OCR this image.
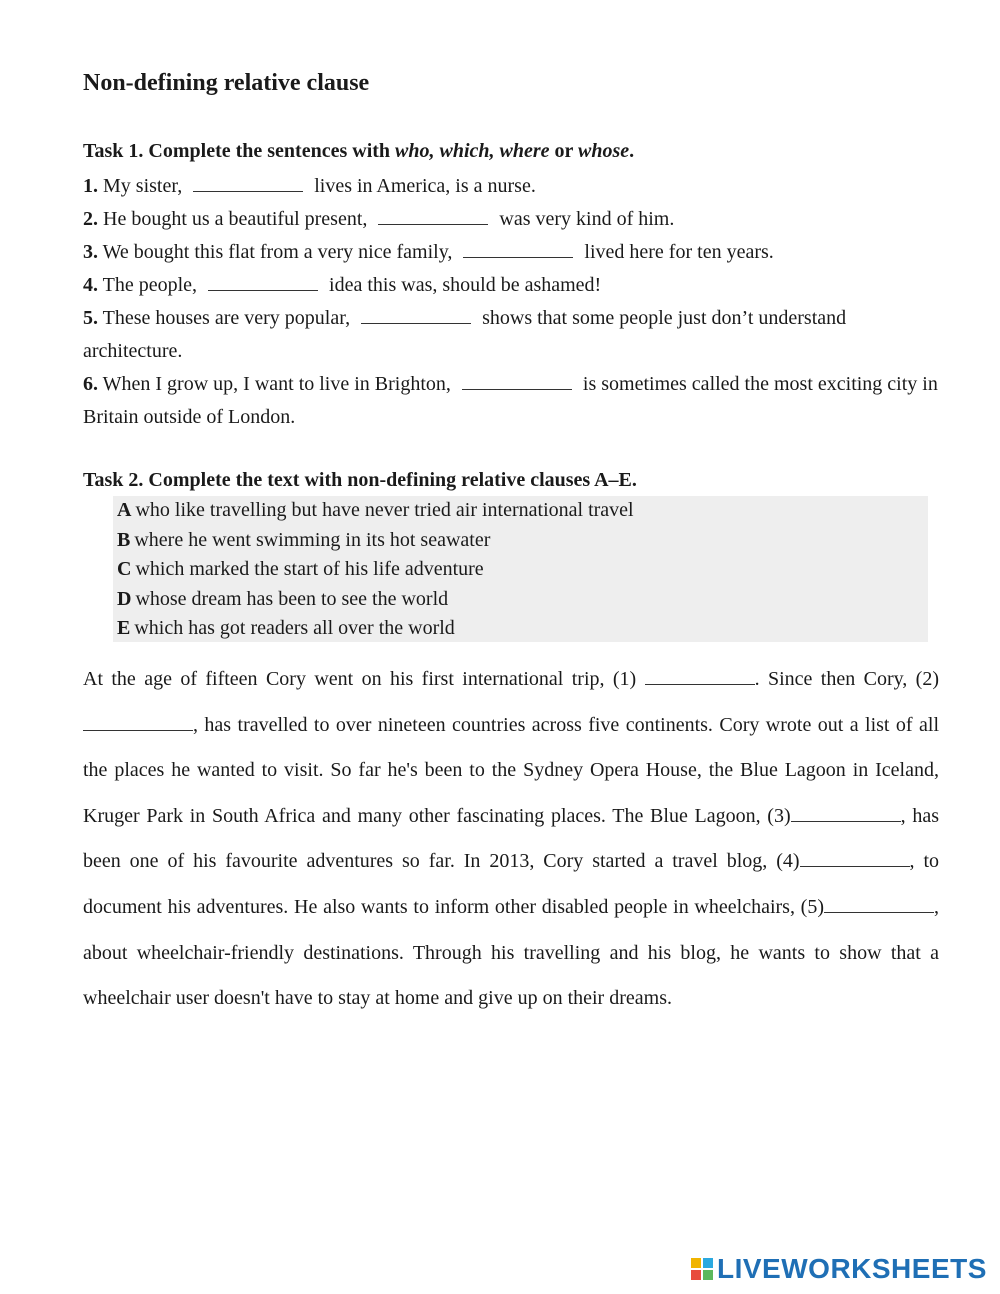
Non-defining relative clause
Task 1. Complete the sentences with who, which, where or whose.

1. My sister,	lives in America, is a nurse.

2. He bought us a beautiful present,	was very kind of him.

3. We bought this flat from a very nice family,	lived here for ten years.

4. The people,	idea this was, should be ashamed!

5. These houses are very popular,	shows that some people just don’t understand architecture.

6. When I grow up, I want to live in Brighton,	is sometimes called the most exciting city in Britain outside of London.

Task 2. Complete the text with non-defining relative clauses A–E.
A who like travelling but have never tried air international travel
B where he went swimming in its hot seawater
C which marked the start of his life adventure
D whose dream has been to see the world
E which has got readers all over the world
At the age of fifteen Cory went on his first international trip, (1)	. Since then Cory, (2) , has travelled to over nineteen countries across five continents. Cory wrote out a list of all the places he wanted to visit. So far he's been to the Sydney Opera House, the Blue Lagoon in Iceland, Kruger Park in South Africa and many other fascinating places. The Blue Lagoon, (3)	, has been one of his favourite adventures so far. In 2013, Cory started a travel blog, (4)	, to document his adventures. He also wants to inform other disabled people in wheelchairs, (5)	, about wheelchair-friendly destinations. Through his travelling and his blog, he wants to show that a wheelchair user doesn't have to stay at home and give up on their dreams.
LIVEWORKSHEETS
